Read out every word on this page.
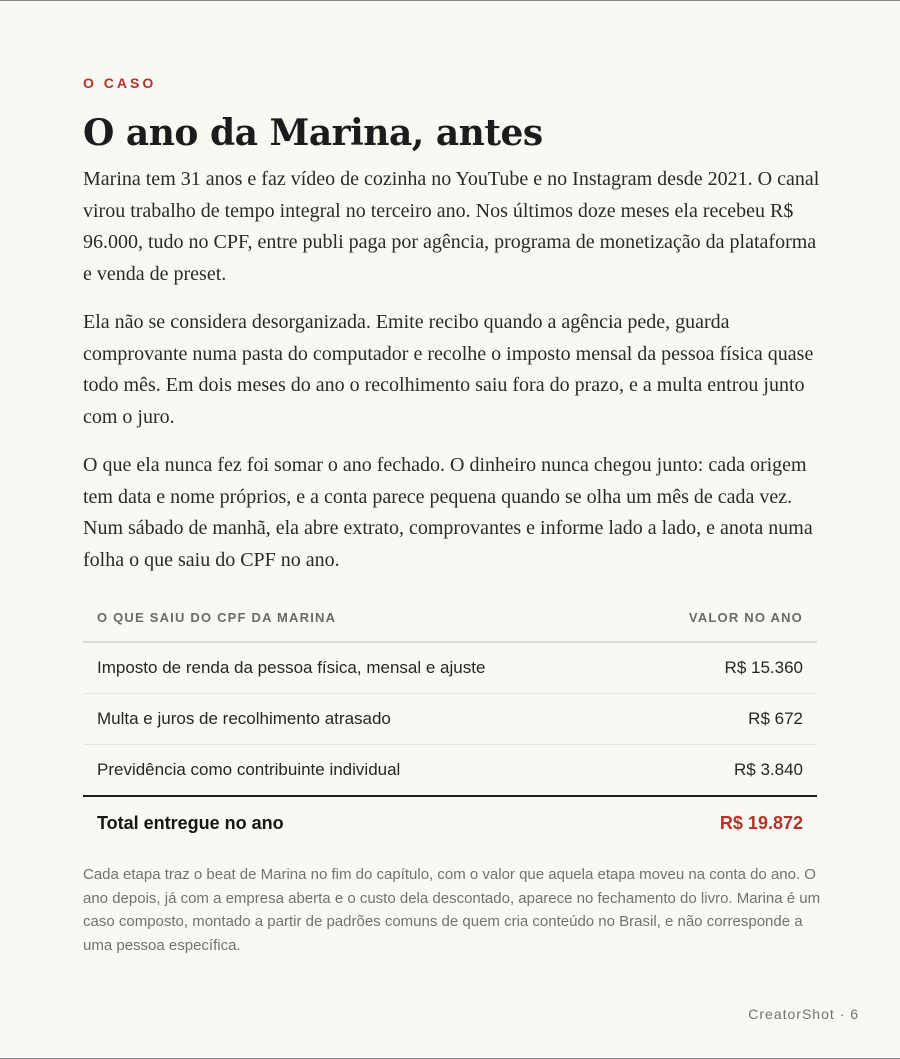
O CASO
O ano da Marina, antes

Marina tem 31 anos e faz vídeo de cozinha no YouTube e no Instagram desde 2021. O canal virou trabalho de tempo integral no terceiro ano. Nos últimos doze meses ela recebeu R$ 96.000, tudo no CPF, entre publi paga por agência, programa de monetização da plataforma e venda de preset.

Ela não se considera desorganizada. Emite recibo quando a agência pede, guarda comprovante numa pasta do computador e recolhe o imposto mensal da pessoa física quase todo mês. Em dois meses do ano o recolhimento saiu fora do prazo, e a multa entrou junto com o juro.

O que ela nunca fez foi somar o ano fechado. O dinheiro nunca chegou junto: cada origem tem data e nome próprios, e a conta parece pequena quando se olha um mês de cada vez. Num sábado de manhã, ela abre extrato, comprovantes e informe lado a lado, e anota numa folha o que saiu do CPF no ano.

O QUE SAIU DO CPF DA MARINA	VALOR NO ANO
Imposto de renda da pessoa física, mensal e ajuste	R$ 15.360
Multa e juros de recolhimento atrasado	R$ 672
Previdência como contribuinte individual	R$ 3.840
Total entregue no ano	R$ 19.872

Cada etapa traz o beat de Marina no fim do capítulo, com o valor que aquela etapa moveu na conta do ano. O ano depois, já com a empresa aberta e o custo dela descontado, aparece no fechamento do livro. Marina é um caso composto, montado a partir de padrões comuns de quem cria conteúdo no Brasil, e não corresponde a uma pessoa específica.

CreatorShot · 6
